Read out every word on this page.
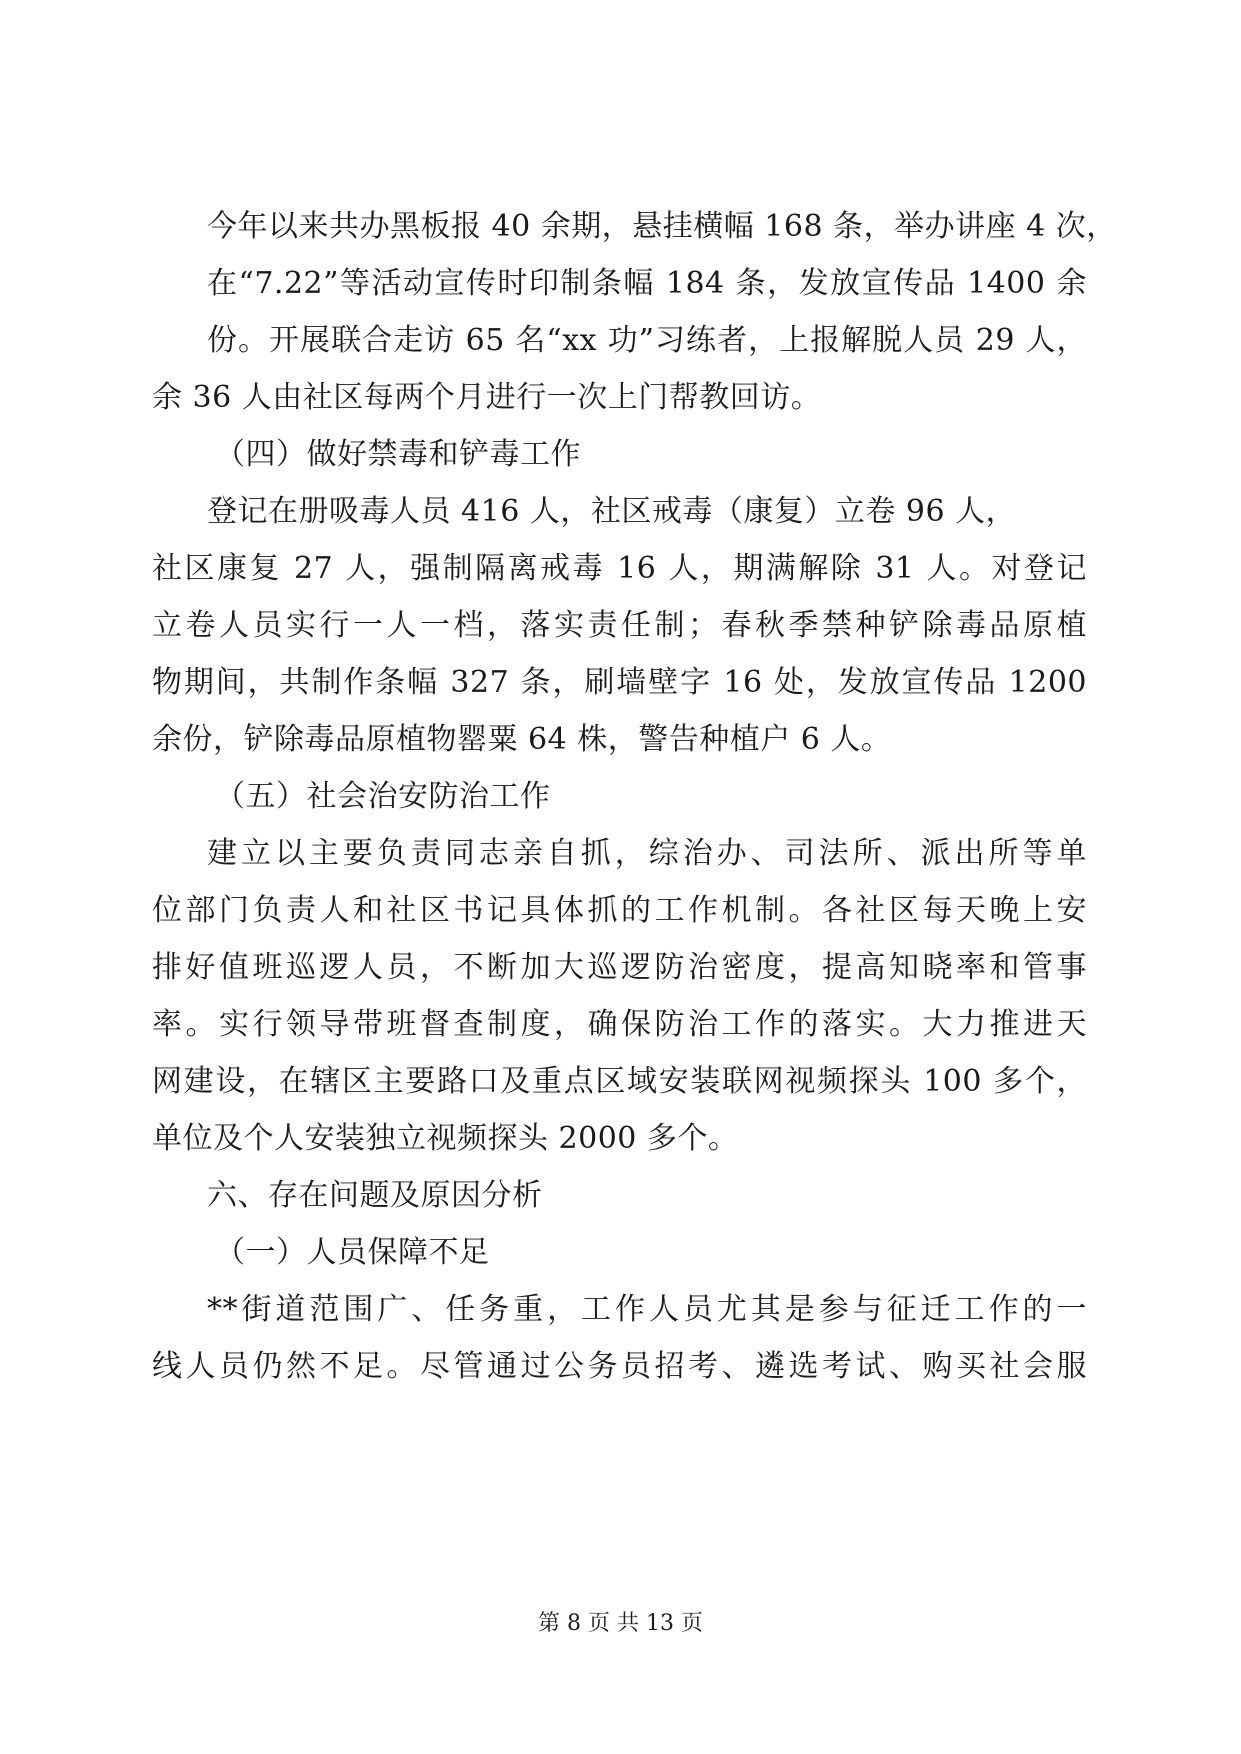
今年以来共办黑板报 40 余期，悬挂横幅 168 条，举办讲座 4 次，
在“7.22”等活动宣传时印制条幅 184 条，发放宣传品 1400 余
份。开展联合走访 65 名“xx 功”习练者，上报解脱人员 29 人，
余 36 人由社区每两个月进行一次上门帮教回访。
（四）做好禁毒和铲毒工作
登记在册吸毒人员 416 人，社区戒毒（康复）立卷 96 人，
社区康复 27 人，强制隔离戒毒 16 人，期满解除 31 人。对登记
立卷人员实行一人一档，落实责任制；春秋季禁种铲除毒品原植
物期间，共制作条幅 327 条，刷墙壁字 16 处，发放宣传品 1200
余份，铲除毒品原植物罂粟 64 株，警告种植户 6 人。
（五）社会治安防治工作
建立以主要负责同志亲自抓，综治办、司法所、派出所等单
位部门负责人和社区书记具体抓的工作机制。各社区每天晚上安
排好值班巡逻人员，不断加大巡逻防治密度，提高知晓率和管事
率。实行领导带班督查制度，确保防治工作的落实。大力推进天
网建设，在辖区主要路口及重点区域安装联网视频探头 100 多个，
单位及个人安装独立视频探头 2000 多个。
六、存在问题及原因分析
（一）人员保障不足
**街道范围广、任务重，工作人员尤其是参与征迁工作的一
线人员仍然不足。尽管通过公务员招考、遴选考试、购买社会服
第 8 页 共 13 页
